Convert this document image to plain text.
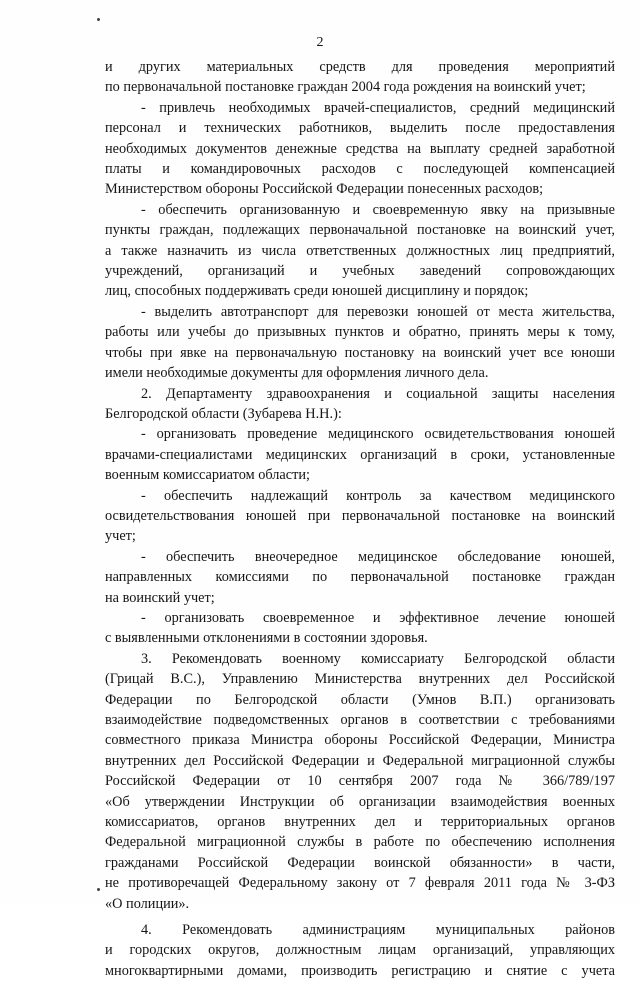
2

и других материальных средств для проведения мероприятий

по первоначальной постановке граждан 2004 года рождения на воинский учет;

- привлечь необходимых врачей-специалистов, средний медицинский

персонал и технических работников, выделить после предоставления

необходимых документов денежные средства на выплату средней заработной

платы и командировочных расходов с последующей компенсацией

Министерством обороны Российской Федерации понесенных расходов;

- обеспечить организованную и своевременную явку на призывные

пункты граждан, подлежащих первоначальной постановке на воинский учет,

а также назначить из числа ответственных должностных лиц предприятий,

учреждений, организаций и учебных заведений сопровождающих

лиц, способных поддерживать среди юношей дисциплину и порядок;

- выделить автотранспорт для перевозки юношей от места жительства,

работы или учебы до призывных пунктов и обратно, принять меры к тому,

чтобы при явке на первоначальную постановку на воинский учет все юноши

имели необходимые документы для оформления личного дела.

2. Департаменту здравоохранения и социальной защиты населения

Белгородской области (Зубарева Н.Н.):

- организовать проведение медицинского освидетельствования юношей

врачами-специалистами медицинских организаций в сроки, установленные

военным комиссариатом области;

- обеспечить надлежащий контроль за качеством медицинского

освидетельствования юношей при первоначальной постановке на воинский

учет;

- обеспечить внеочередное медицинское обследование юношей,

направленных комиссиями по первоначальной постановке граждан

на воинский учет;

- организовать своевременное и эффективное лечение юношей

с выявленными отклонениями в состоянии здоровья.

3. Рекомендовать военному комиссариату Белгородской области

(Грицай В.С.), Управлению Министерства внутренних дел Российской

Федерации по Белгородской области (Умнов В.П.) организовать

взаимодействие подведомственных органов в соответствии с требованиями

совместного приказа Министра обороны Российской Федерации, Министра

внутренних дел Российской Федерации и Федеральной миграционной службы

Российской Федерации от 10 сентября 2007 года № 366/789/197

«Об утверждении Инструкции об организации взаимодействия военных

комиссариатов, органов внутренних дел и территориальных органов

Федеральной миграционной службы в работе по обеспечению исполнения

гражданами Российской Федерации воинской обязанности» в части,

не противоречащей Федеральному закону от 7 февраля 2011 года № 3-ФЗ

«О полиции».

4. Рекомендовать администрациям муниципальных районов

и городских округов, должностным лицам организаций, управляющих

многоквартирными домами, производить регистрацию и снятие с учета
